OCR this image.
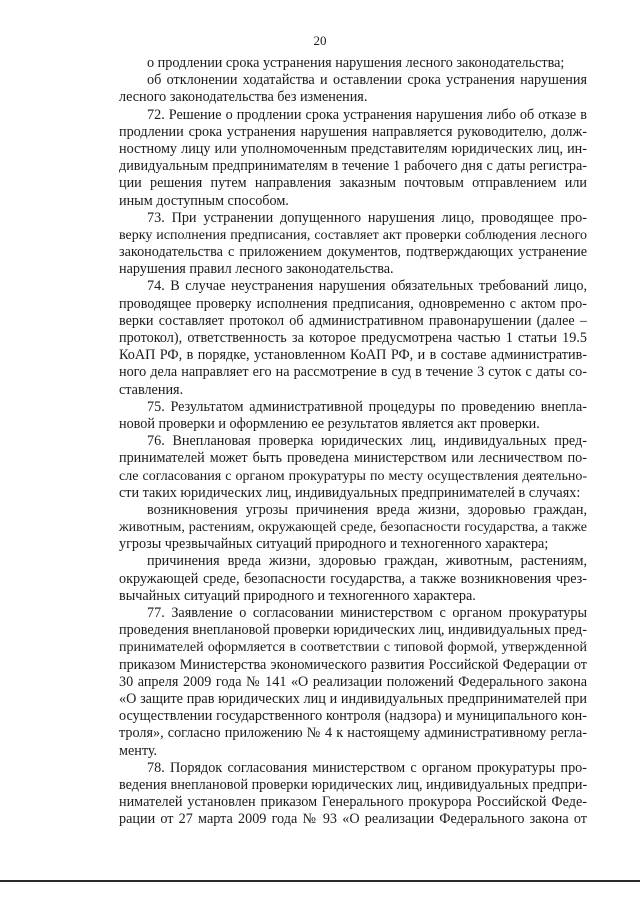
20
о продлении срока устранения нарушения лесного законодательства;
об отклонении ходатайства и оставлении срока устранения нарушения
лесного законодательства без изменения.
72. Решение о продлении срока устранения нарушения либо об отказе в
продлении срока устранения нарушения направляется руководителю, долж-
ностному лицу или уполномоченным представителям юридических лиц, ин-
дивидуальным предпринимателям в течение 1 рабочего дня с даты регистра-
ции решения путем направления заказным почтовым отправлением или
иным доступным способом.
73. При устранении допущенного нарушения лицо, проводящее про-
верку исполнения предписания, составляет акт проверки соблюдения лесного
законодательства с приложением документов, подтверждающих устранение
нарушения правил лесного законодательства.
74. В случае неустранения нарушения обязательных требований лицо,
проводящее проверку исполнения предписания, одновременно с актом про-
верки составляет протокол об административном правонарушении (далее –
протокол), ответственность за которое предусмотрена частью 1 статьи 19.5
КоАП РФ, в порядке, установленном КоАП РФ, и в составе административ-
ного дела направляет его на рассмотрение в суд в течение 3 суток с даты со-
ставления.
75. Результатом административной процедуры по проведению внепла-
новой проверки и оформлению ее результатов является акт проверки.
76. Внеплановая проверка юридических лиц, индивидуальных пред-
принимателей может быть проведена министерством или лесничеством по-
сле согласования с органом прокуратуры по месту осуществления деятельно-
сти таких юридических лиц, индивидуальных предпринимателей в случаях:
возникновения угрозы причинения вреда жизни, здоровью граждан,
животным, растениям, окружающей среде, безопасности государства, а также
угрозы чрезвычайных ситуаций природного и техногенного характера;
причинения вреда жизни, здоровью граждан, животным, растениям,
окружающей среде, безопасности государства, а также возникновения чрез-
вычайных ситуаций природного и техногенного характера.
77. Заявление о согласовании министерством с органом прокуратуры
проведения внеплановой проверки юридических лиц, индивидуальных пред-
принимателей оформляется в соответствии с типовой формой, утвержденной
приказом Министерства экономического развития Российской Федерации от
30 апреля 2009 года № 141 «О реализации положений Федерального закона
«О защите прав юридических лиц и индивидуальных предпринимателей при
осуществлении государственного контроля (надзора) и муниципального кон-
троля», согласно приложению № 4 к настоящему административному регла-
менту.
78. Порядок согласования министерством с органом прокуратуры про-
ведения внеплановой проверки юридических лиц, индивидуальных предпри-
нимателей установлен приказом Генерального прокурора Российской Феде-
рации от 27 марта 2009 года № 93 «О реализации Федерального закона от
